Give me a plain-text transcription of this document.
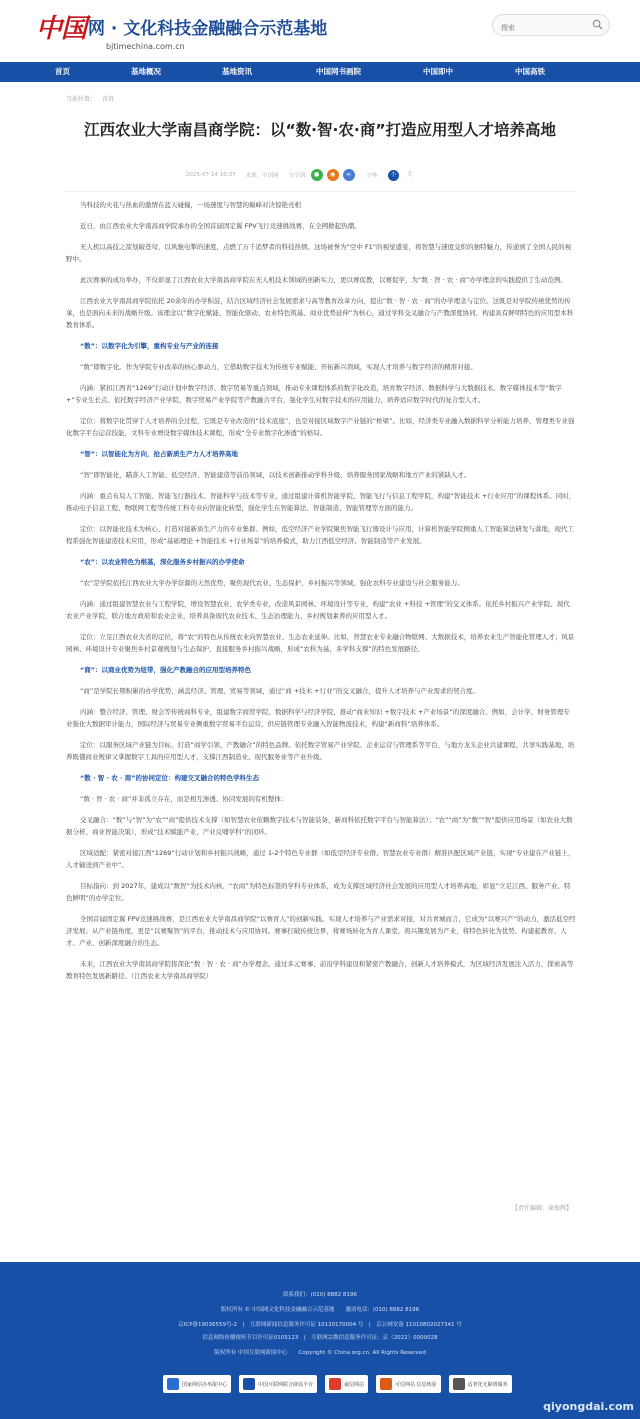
中国 网 · 文化科技金融融合示范基地
bjtimechina.com.cn
搜索
首页	基地概况	基地资讯	中国网书画院	中国即中	中国高铁
当前位置： 首页
江西农业大学南昌商学院：以“数·智·农·商”打造应用型人才培养高地
2025-07-14 10:37 来源： 中国网 分享到： ●	◉	∞	字体：	小	大

当科技的火花与热血的激情在蓝天碰撞，一场速度与智慧的巅峰对决惊艳亮相

近日，由江西农业大学南昌商学院承办的全国首届固定翼 FPV飞行竞速挑战赛，在全网掀起热潮。

无人机以高技之箭划破苍穹，以风驰电掣的速度，点燃了万千追梦者的科技热情。这场被誉为“空中 F1”的视觉盛宴，将智慧与速度交织的独特魅力，传递到了全国人民的视野中。

此次赛事的成功举办，不仅彰显了江西农业大学南昌商学院在无人机技术领域的创新实力，更以赛促教，以赛促学，为“数 · 智 · 农 · 商”办学理念的实践提供了生动范例。

江西农业大学南昌商学院依托 20余年的办学积淀，结合区域经济社会发展需求与高等教育改革方向，提出“数 · 智 · 农 · 商”的办学理念与定位。这既是对学院传统优势的传承，也是面向未来的战略升级。该理念以“数字化赋能、智能化驱动、农业特色筑基、商业优势延伸”为核心，通过学科交叉融合与产教深度协同，构建具有鲜明特色的应用型本科教育体系。

“数”：以数字化为引擎，重构专业与产业的连接

“数”即数字化。作为学院专业改革的核心驱动力，它借助数字技术为传统专业赋能、开拓新兴领域，实现人才培养与数字经济的精准对接。

内涵：紧扣江西省“1269”行动计划中数字经济、数字贸易等重点领域，推动专业课程体系的数字化改造，培育数字经济、数据科学与大数据技术、数字媒体技术等“数字 +”专业生长点。依托数字经济产业学院、数字贸易产业学院等产教融合平台，强化学生对数字技术的应用能力，培养适应数字时代的复合型人才。

定位：将数字化贯穿于人才培养的全过程，它既是专业改造的“技术底座”，也是对接区域数字产业链的“桥梁”。比如，经济类专业融入数据科学分析能力培养，管理类专业强化数字平台运营技能，文科专业增设数字媒体技术课程，形成“全专业数字化渗透”的格局。

“智”：以智能化为方向，抢占新质生产力人才培养高地

“智”即智能化，瞄准人工智能、低空经济、智能建造等前沿领域，以技术创新推动学科升级，培养服务国家战略和地方产业的紧缺人才。

内涵：重点布局人工智能、智能飞行器技术、智能科学与技术等专业，通过组建计算机智能学院、智能飞行与信息工程学院，构建“智能技术 +行业应用”的课程体系。同时，推动电子信息工程、物联网工程等传统工科专业向智能化转型，强化学生在智能算法、智能制造、智能管理等方面的能力。

定位：以智能化技术为核心，打造对接新质生产力的专业集群。例如，低空经济产业学院聚焦智能飞行器设计与应用，计算机智能学院侧重人工智能算法研发与落地，现代工程系强化智能建造技术应用，形成“基础理论 +智能技术 +行业场景”的培养模式，助力江西低空经济、智能制造等产业发展。

“农”：以农业特色为根基，深化服务乡村振兴的办学使命

“农”是学院依托江西农业大学办学资源的天然优势，聚焦现代农业、生态保护、乡村振兴等领域，强化农科专业建设与社会服务能力。

内涵：通过组建智慧农业与工程学院，增设智慧农业、农学类专业，改造风景园林、环境设计等专业，构建“农业 +科技 +管理”的交叉体系。依托乡村振兴产业学院、现代农业产业学院，联合地方政府和农业企业，培养具备现代农业技术、生态治理能力、乡村规划素养的应用型人才。

定位：立足江西农业大省的定位，将“农”的特色从传统农业向智慧农业、生态农业延伸。比如，智慧农业专业融合物联网、大数据技术，培养农业生产智能化管理人才；风景园林、环境设计专业聚焦乡村景观规划与生态保护，直接服务乡村振兴战略，形成“农科为基、多学科支撑”的特色发展路径。

“商”：以商业优势为纽带，强化产教融合的应用型培养特色

“商”是学院长期积累的办学优势，涵盖经济、管理、贸易等领域，通过“商 +技术 +行业”的交叉融合，提升人才培养与产业需求的契合度。

内涵：整合经济、管理、财会等传统商科专业，组建数字商贸学院、数据科学与经济学院，推动“商业知识 +数字技术 +产业场景”的深度融合。例如，会计学、财务管理专业强化大数据审计能力，国际经济与贸易专业侧重数字贸易平台运营，供应链管理专业融入智能物流技术，构建“新商科”培养体系。

定位：以服务区域产业链为目标，打造“商学引领、产教融合”的特色品牌。依托数字贸易产业学院、企业运营与管理系等平台，与地方龙头企业共建课程、共享实践基地，培养既懂商业规律又掌握数字工具的应用型人才，支撑江西制造业、现代服务业等产业升级。

“数 · 智 · 农 · 商”的协同定位：构建交叉融合的特色学科生态

“数 · 智 · 农 · 商”并非孤立存在，而是相互渗透、协同发展的有机整体：

交叉融合：“数”与“智”为“农”“商”提供技术支撑（如智慧农业依赖数字技术与智能装备，新商科依托数字平台与智能算法）；“农”“商”为“数”“智”提供应用场景（如农业大数据分析、商业智能决策），形成“技术赋能产业、产业反哺学科”的闭环。

区域适配：紧密对接江西“1269”行动计划和乡村振兴战略，通过 1-2个特色专业群（如低空经济专业群、智慧农业专业群）精准匹配区域产业链，实现“专业建在产业链上，人才输送到产业中”。

目标指向：到 2027年，建成以“数智”为技术内核、“农商”为特色标签的学科专业体系，成为支撑区域经济社会发展的应用型人才培养高地，彰显“立足江西、服务产业、特色鲜明”的办学定位。

全国首届固定翼 FPV竞速挑战赛，是江西农业大学南昌商学院“以赛育人”的创新实践。实现人才培养与产业需求对接，对共青城而言，它成为“以赛兴产”的动力，激活低空经济发展；从产业链角度，更是“以赛聚智”的平台，推动技术与应用协同。赛事打破传统边界，将赛场转化为育人课堂，将兴趣发展为产业，将特色转化为优势，构建起教育、人才、产业、创新深度融合的生态。

未来，江西农业大学南昌商学院将深化“数 · 智 · 农 · 商”办学理念，通过多元赛事、前沿学科建设和紧密产教融合，创新人才培养模式，为区域经济发展注入活力，探索高等教育特色发展新路径。（江西农业大学南昌商学院）

【责任编辑：商俊辉】
联系我们：(010) 8882 8196
版权所有 © 中国网文化科技金融融合示范基地　　邀请电话：(010) 8882 8196
京ICP备19036559号-2　|　互联网新闻信息服务许可证 10120170004 号　|　京公网安备 11010802027341 号
信息网络传播视听节目许可证0105123　|　互联网宗教信息服务许可证：京（2022）0000028
版权所有 中国互联网新闻中心　　Copyright © China.org.cn. All Rights Reserved
国家网信办举报中心	中国互联网联合辟谣平台	诚信网站	可信网站 信息核验	适老化无障碍服务
qiyongdai.com
